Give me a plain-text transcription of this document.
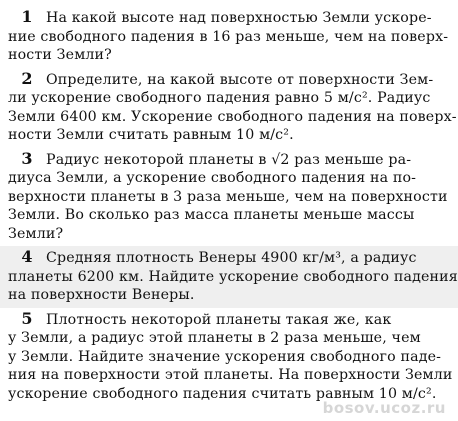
1 На какой высоте над поверхностью Земли ускоре-
ние свободного падения в 16 раз меньше, чем на поверх-
ности Земли?
2 Определите, на какой высоте от поверхности Зем-
ли ускорение свободного падения равно 5 м/с². Радиус
Земли 6400 км. Ускорение свободного падения на поверх-
ности Земли считать равным 10 м/с².
3 Радиус некоторой планеты в √2 раз меньше ра-
диуса Земли, а ускорение свободного падения на по-
верхности планеты в 3 раза меньше, чем на поверхности
Земли. Во сколько раз масса планеты меньше массы
Земли?
4 Средняя плотность Венеры 4900 кг/м³, а радиус
планеты 6200 км. Найдите ускорение свободного падения
на поверхности Венеры.
5 Плотность некоторой планеты такая же, как
у Земли, а радиус этой планеты в 2 раза меньше, чем
у Земли. Найдите значение ускорения свободного паде-
ния на поверхности этой планеты. На поверхности Земли
ускорение свободного падения считать равным 10 м/с².
bosov.ucoz.ru
